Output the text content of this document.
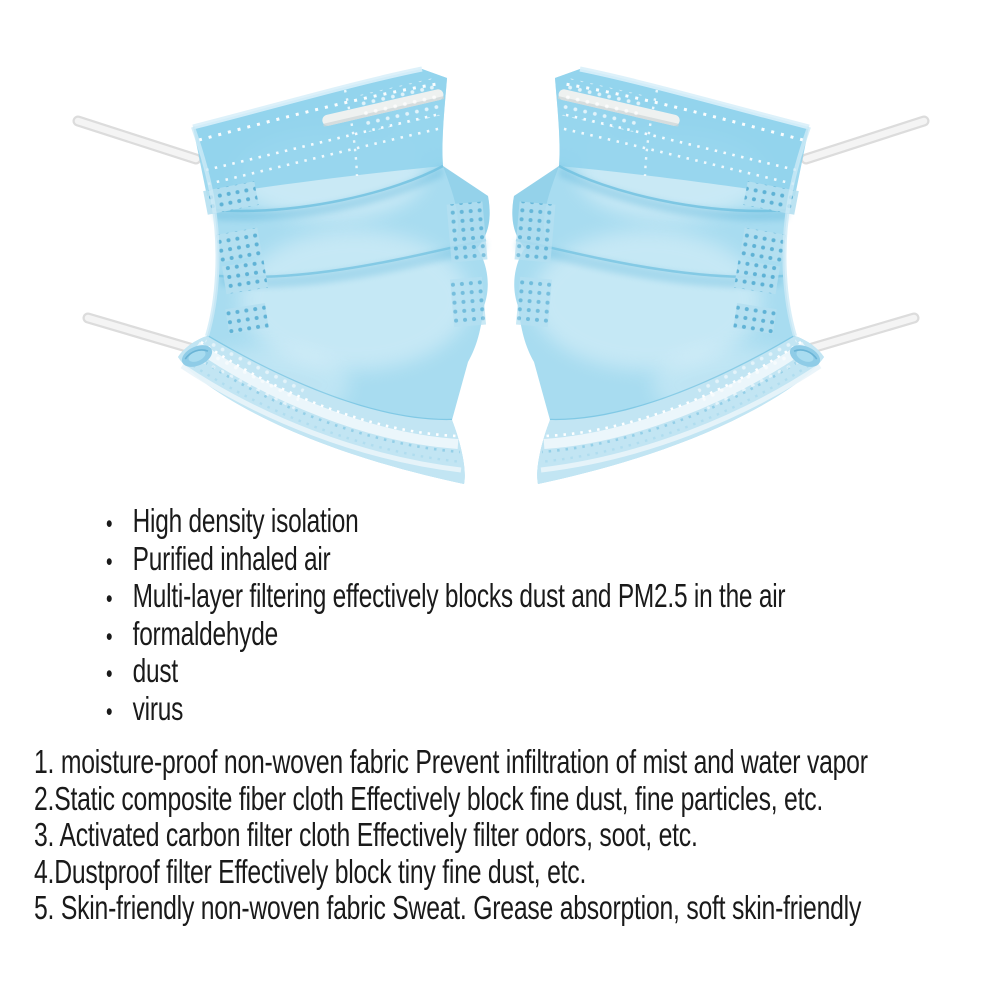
• High density isolation
• Purified inhaled air
• Multi-layer filtering effectively blocks dust and PM2.5 in the air
• formaldehyde
• dust
• virus
1. moisture-proof non-woven fabric Prevent infiltration of mist and water vapor
2.Static composite fiber cloth Effectively block fine dust, fine particles, etc.
3. Activated carbon filter cloth Effectively filter odors, soot, etc.
4.Dustproof filter Effectively block tiny fine dust, etc.
5. Skin-friendly non-woven fabric Sweat. Grease absorption, soft skin-friendly
